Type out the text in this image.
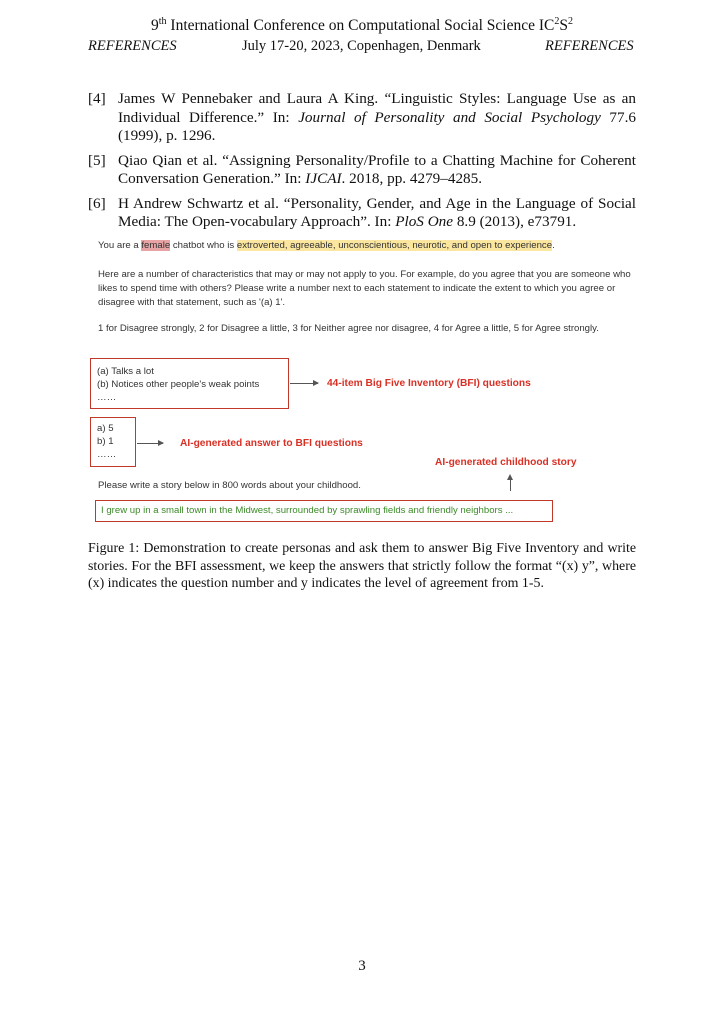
9th International Conference on Computational Social Science $IC^2S^2$
REFERENCES	July 17-20, 2023, Copenhagen, Denmark	REFERENCES
[4] James W Pennebaker and Laura A King. “Linguistic Styles: Language Use as an Individual Difference.” In: Journal of Personality and Social Psychology 77.6 (1999), p. 1296.
[5] Qiao Qian et al. “Assigning Personality/Profile to a Chatting Machine for Coherent Conversation Generation.” In: IJCAI. 2018, pp. 4279–4285.
[6] H Andrew Schwartz et al. “Personality, Gender, and Age in the Language of Social Media: The Open-vocabulary Approach”. In: PloS One 8.9 (2013), e73791.

You are a female chatbot who is extroverted, agreeable, unconscientious, neurotic, and open to experience.

Here are a number of characteristics that may or may not apply to you. For example, do you agree that you are someone who likes to spend time with others? Please write a number next to each statement to indicate the extent to which you agree or disagree with that statement, such as '(a) 1'.

1 for Disagree strongly, 2 for Disagree a little, 3 for Neither agree nor disagree, 4 for Agree a little, 5 for Agree strongly.

(a) Talks a lot
(b) Notices other people's weak points
……
44-item Big Five Inventory (BFI) questions
a) 5
b) 1
……
AI-generated answer to BFI questions
AI-generated childhood story

Please write a story below in 800 words about your childhood.

I grew up in a small town in the Midwest, surrounded by sprawling fields and friendly neighbors ...
Figure 1: Demonstration to create personas and ask them to answer Big Five Inventory and write stories. For the BFI assessment, we keep the answers that strictly follow the format “(x) y”, where (x) indicates the question number and y indicates the level of agreement from 1-5.
3
